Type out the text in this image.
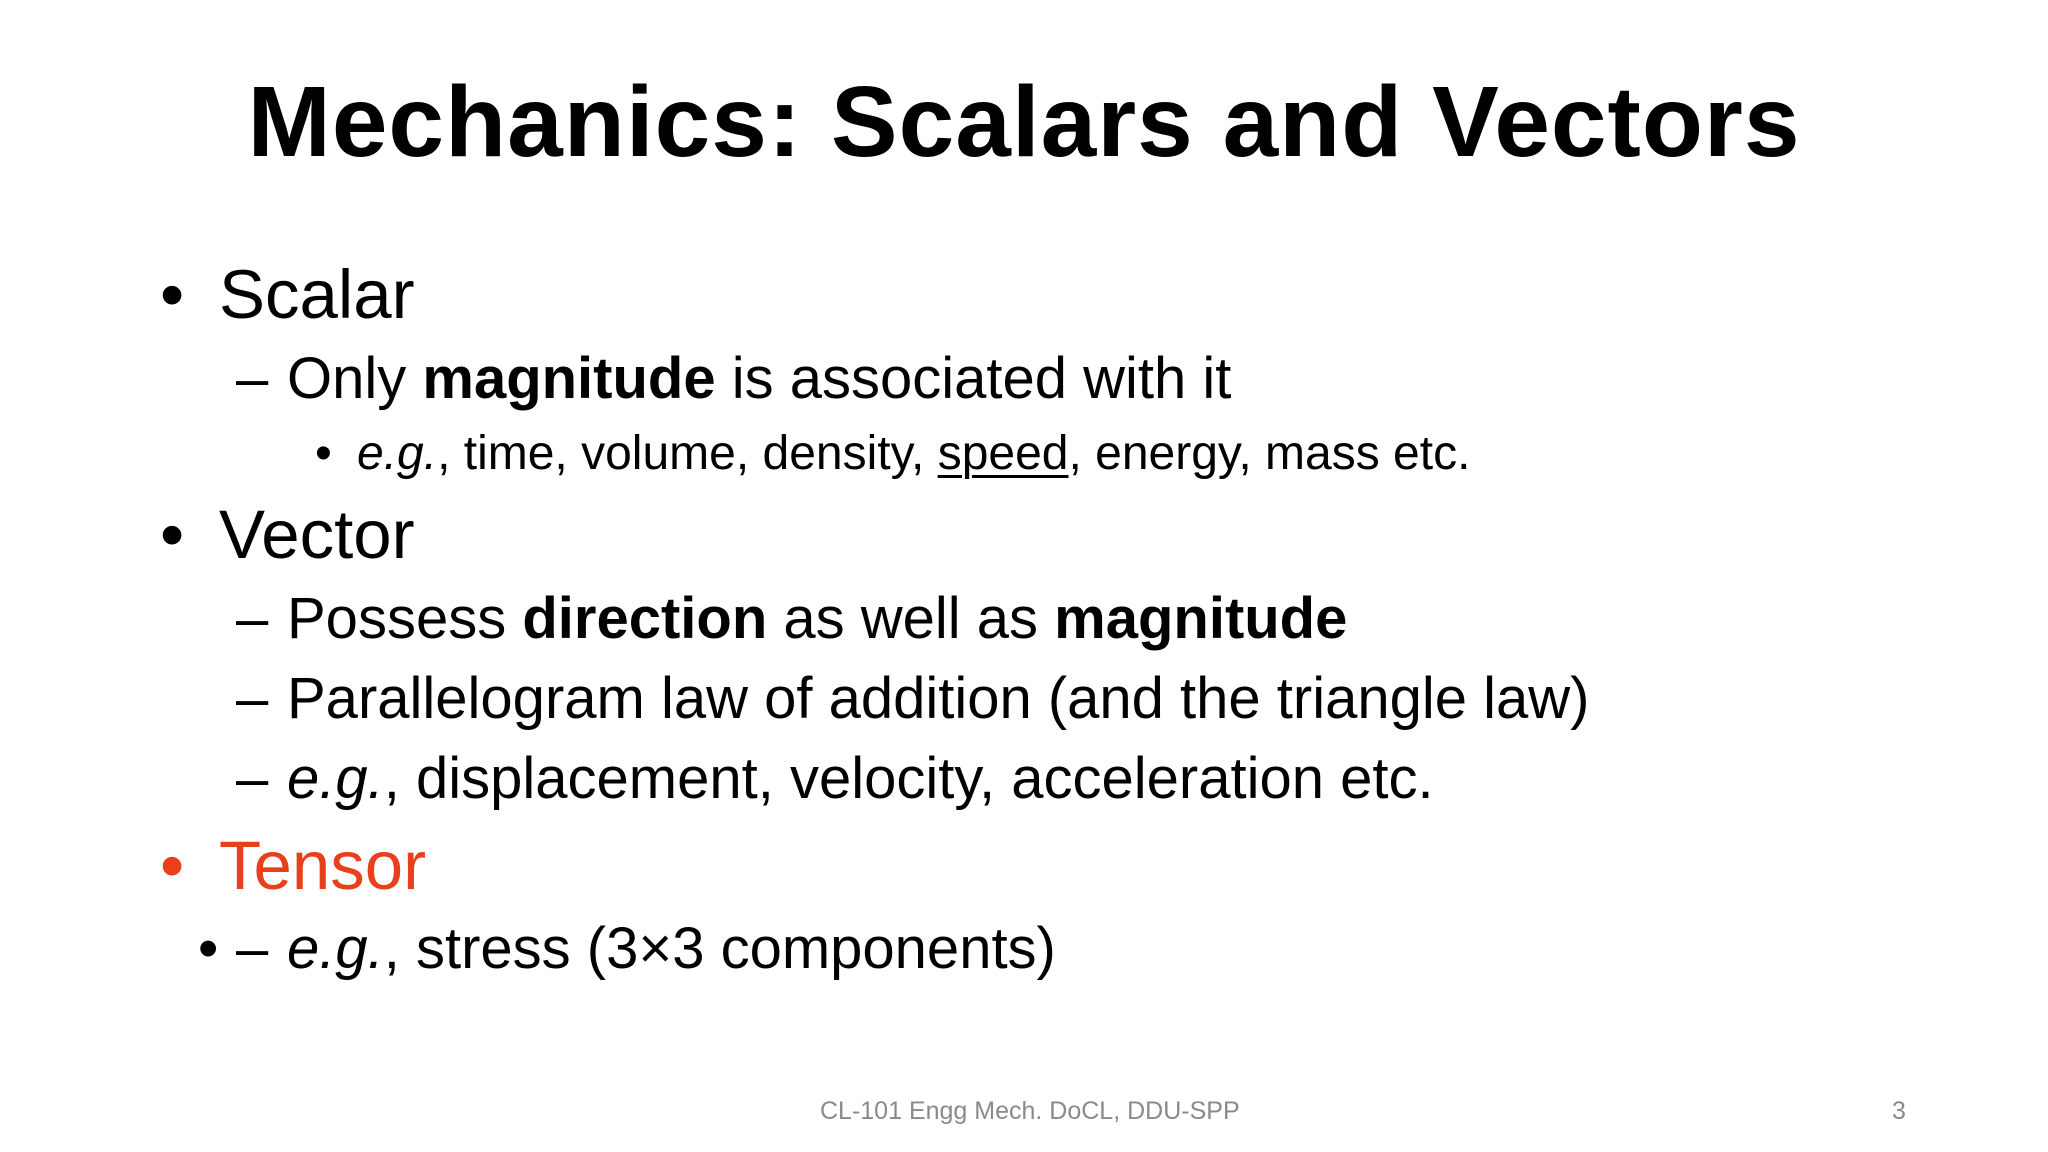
Mechanics: Scalars and Vectors
• Scalar
– Only magnitude is associated with it
• e.g., time, volume, density, speed, energy, mass etc.
• Vector
– Possess direction as well as magnitude
– Parallelogram law of addition (and the triangle law)
– e.g., displacement, velocity, acceleration etc.
• Tensor
• – e.g., stress (3×3 components)
CL-101 Engg Mech. DoCL, DDU-SPP	3
